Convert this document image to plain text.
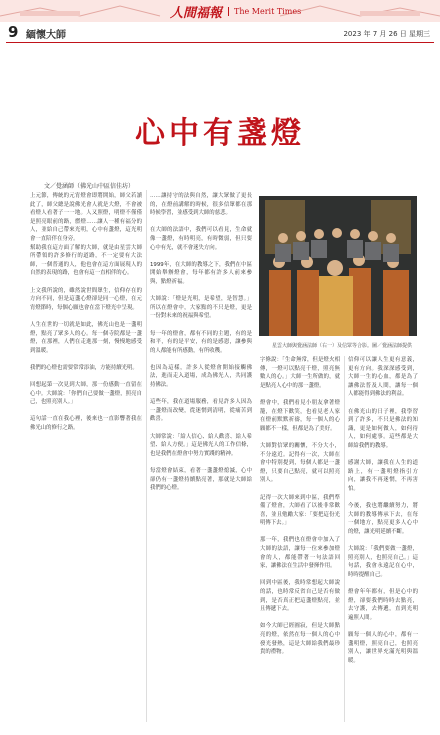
人間福報	The Merit Times
9 緬懷大師	2023 年 7 月 26 日 星期三
心中有盞燈
文／覺涵師（佛光山中區信佳坊）
上元節，傳統的元宵燈會即將開始，師父若讀此了，師父總是說佛光會人就是大燈，不會被看燈人看著子一一地。人又照燈，明燈不僅僅是照亮眼前的路，燃燈……讓人一種有福分的人，並給自己帶來光明，心中有盞燈，這光明會一直陪伴在身旁。
幫助我在這方面了解的大師，就是由星雲大師所帶領的許多修行的道路，不一定要有大法師，一個普通的人，他也會在這方面展現人的自然的表現的路，也會有這一直相伴的心。

上文我所說的，雖然說世間眾生，信仰存在的方向不同，但是這盞心燈卻是同一心燈，在元宵燈節時，每個心願也會在當下燈光中呈現。

人生在世的一切就是如此，佛光山也是一盞明燈，點亮了眾多人的心。每一個寺院都是一盞燈，在那裡，人們在走進那一刻，慢慢地感受到溫暖。

我們的心燈也需要常常添油，方能持續光明。

回想起第一次見到大師，那一份感動一直留在心中。大師說：「你們自己要做一盞燈，照亮自己，也照亮別人。」

這句話一直在我心裡，後來也一直影響著我在佛光山的修行之路。
……讓持守的法與自然，讓大眾做了更長的，在燈前講解的時候，很多信眾都在那時候學習，並感受到大師的慈悲。

在大師的法語中，我們可以看見，生命就像一盞燈，有時明亮，有時微弱，但只要心中有光，就不會迷失方向。

1999年，在大師的教導之下，我們在中區開始舉辦燈會，每年都有許多人前來參與，點燈祈福。

大師說：「燈是光明，是希望，是智慧。」所以在燈會中，大家點的不只是燈，更是一份對未來的祝福與希望。

每一年的燈會，都有不同的主題，有的是和平，有的是平安，有的是感恩，讓參與的人都能有所感動，有所收穫。

也因為這樣，許多人從燈會開始接觸佛法，進而走入道場，成為佛光人，共同護持佛法。

這些年，我在道場服務，看見許多人因為一盞燈而改變，從迷惘到清明，從痛苦到歡喜。

大師常說：「給人信心、給人歡喜、給人希望、給人方便。」這是佛光人的工作信條，也是我們在燈會中努力實踐的精神。

每當燈會結束，看著一盞盞燈熄滅，心中卻仍有一盞燈持續點亮著，那就是大師給我們的心燈。
星雲大師與覺涵法師（右一）及信眾等合影。圖／覺涵法師提供
字條說：「生命無常，但是燈火相傳，一燈可以點亮千燈，照亮無數人的心。」大師一生所做的，就是點亮人心中的那一盞燈。

燈會中，我們看見小朋友拿著燈籠，在燈下歡笑，也看見老人家在燈前默默祈禱，每一個人的心願都不一樣，但都是為了美好。

大師對信眾的關懷，不分大小，不分遠近。記得有一次，大師在會中特別提到，每個人都是一盞燈，只要自己點亮，就可以照亮別人。

記得一次大師來到中區，我們準備了燈會，大師看了以後非常歡喜，並且勉勵大家：「要把這份光明傳下去。」

那一年，我們也在燈會中加入了大師的法語，讓每一位來參加燈會的人，都能帶著一句法語回家，讓佛法在生活中發揮作用。

回到中區後，我時常想起大師說的話，也時常反省自己是否有做到，是否真正把這盞燈點亮，並且傳遞下去。

如今大師已經圓寂，但是大師點亮的燈，依然在每一個人的心中發光發熱，這是大師給我們最珍貴的禮物。
信仰可以讓人生更有意義，更有方向。我深深感受到，大師一生的心血，都是為了讓佛法普及人間，讓每一個人都能得到佛法的利益。

在佛光山的日子裡，我學習到了許多，不只是佛法的知識，更是如何做人，如何待人，如何處事。這些都是大師給我們的教導。

感謝大師，讓我在人生的道路上，有一盞明燈指引方向，讓我不再迷惘，不再害怕。

今後，我也將繼續努力，將大師的教導傳承下去，在每一個地方，點亮更多人心中的燈，讓光明延續不斷。

大師說：「我們要做一盞燈，照亮別人，也照亮自己。」這句話，我會永遠記在心中，時時提醒自己。

燈會年年都有，但是心中的燈，卻要我們時時去點亮，去守護，去傳遞，直到光明遍照人間。

願每一個人的心中，都有一盞明燈，照亮自己，也照亮別人，讓世界充滿光明與溫暖。
